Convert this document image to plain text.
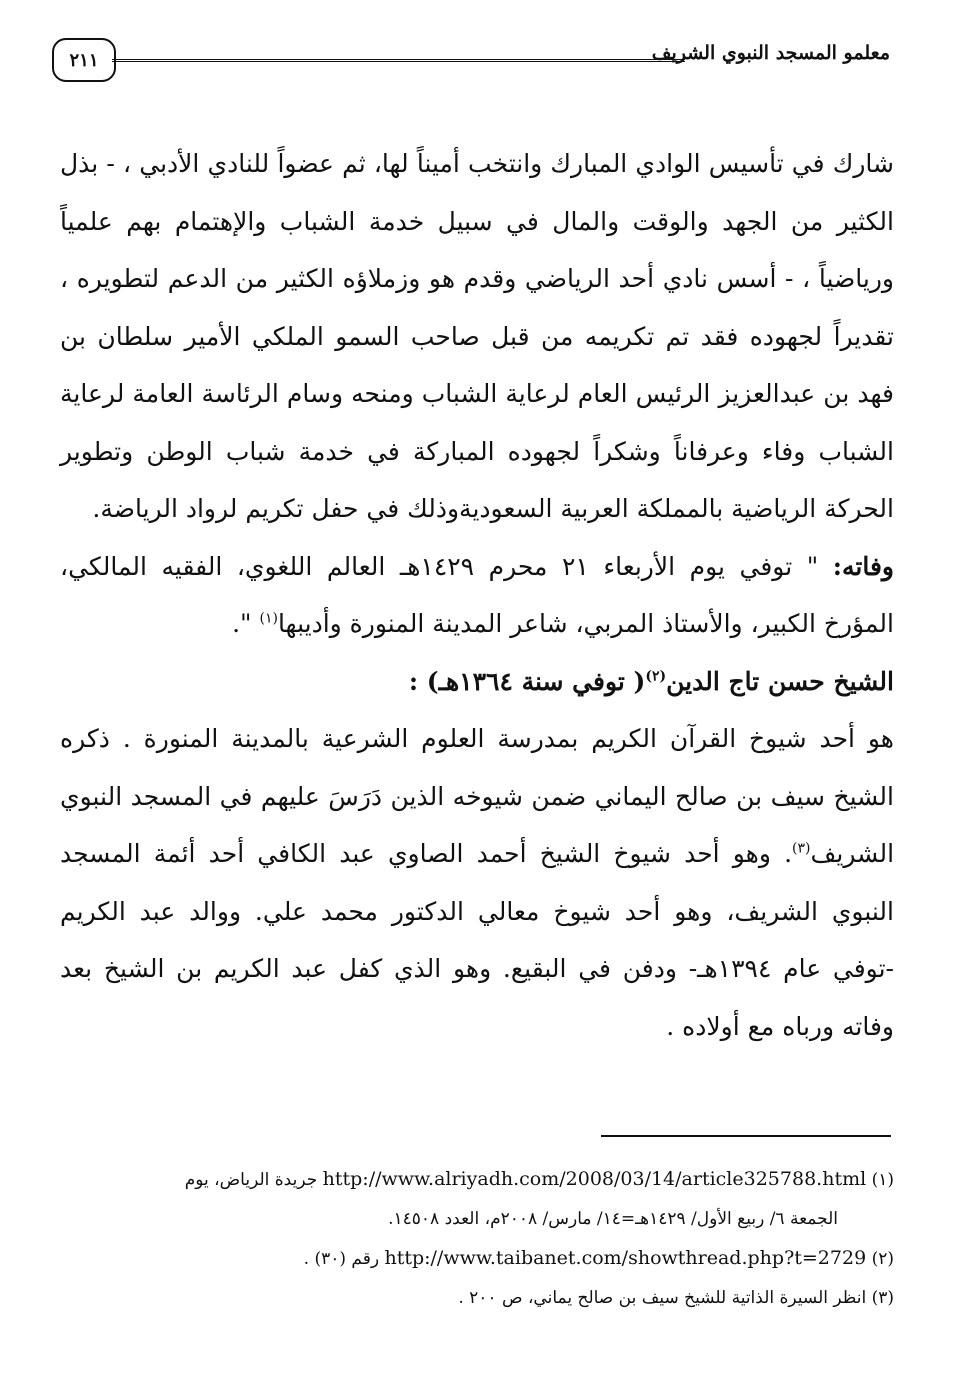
٢١١	معلمو المسجد النبوي الشريف

شارك في تأسيس الوادي المبارك وانتخب أميناً لها، ثم عضواً للنادي الأدبي ، - بذل الكثير من الجهد والوقت والمال في سبيل خدمة الشباب والإهتمام بهم علمياً ورياضياً ، - أسس نادي أحد الرياضي وقدم هو وزملاؤه الكثير من الدعم لتطويره ، تقديراً لجهوده فقد تم تكريمه من قبل صاحب السمو الملكي الأمير سلطان بن فهد بن عبدالعزيز الرئيس العام لرعاية الشباب ومنحه وسام الرئاسة العامة لرعاية الشباب وفاء وعرفاناً وشكراً لجهوده المباركة في خدمة شباب الوطن وتطوير الحركة الرياضية بالمملكة العربية السعوديةوذلك في حفل تكريم لرواد الرياضة.

وفاته: " توفي يوم الأربعاء ٢١ محرم ١٤٢٩هـ العالم اللغوي، الفقيه المالكي، المؤرخ الكبير، والأستاذ المربي، شاعر المدينة المنورة وأديبها$^{(١)}$ ".

الشيخ حسن تاج الدين$^{(٢)}$( توفي سنة ١٣٦٤هـ) :

هو أحد شيوخ القرآن الكريم بمدرسة العلوم الشرعية بالمدينة المنورة . ذكره الشيخ سيف بن صالح اليماني ضمن شيوخه الذين دَرَسَ عليهم في المسجد النبوي الشريف$^{(٣)}$. وهو أحد شيوخ الشيخ أحمد الصاوي عبد الكافي أحد أئمة المسجد النبوي الشريف، وهو أحد شيوخ معالي الدكتور محمد علي. ووالد عبد الكريم -توفي عام ١٣٩٤هـ- ودفن في البقيع. وهو الذي كفل عبد الكريم بن الشيخ بعد وفاته ورباه مع أولاده .

(١) http://www.alriyadh.com/2008/03/14/article325788.html جريدة الرياض، يوم

الجمعة ٦/ ربيع الأول/ ١٤٢٩هـ=١٤/ مارس/ ٢٠٠٨م، العدد ١٤٥٠٨.

(٢) http://www.taibanet.com/showthread.php?t=2729 رقم (٣٠) .

(٣) انظر السيرة الذاتية للشيخ سيف بن صالح يماني، ص ٢٠٠ .
